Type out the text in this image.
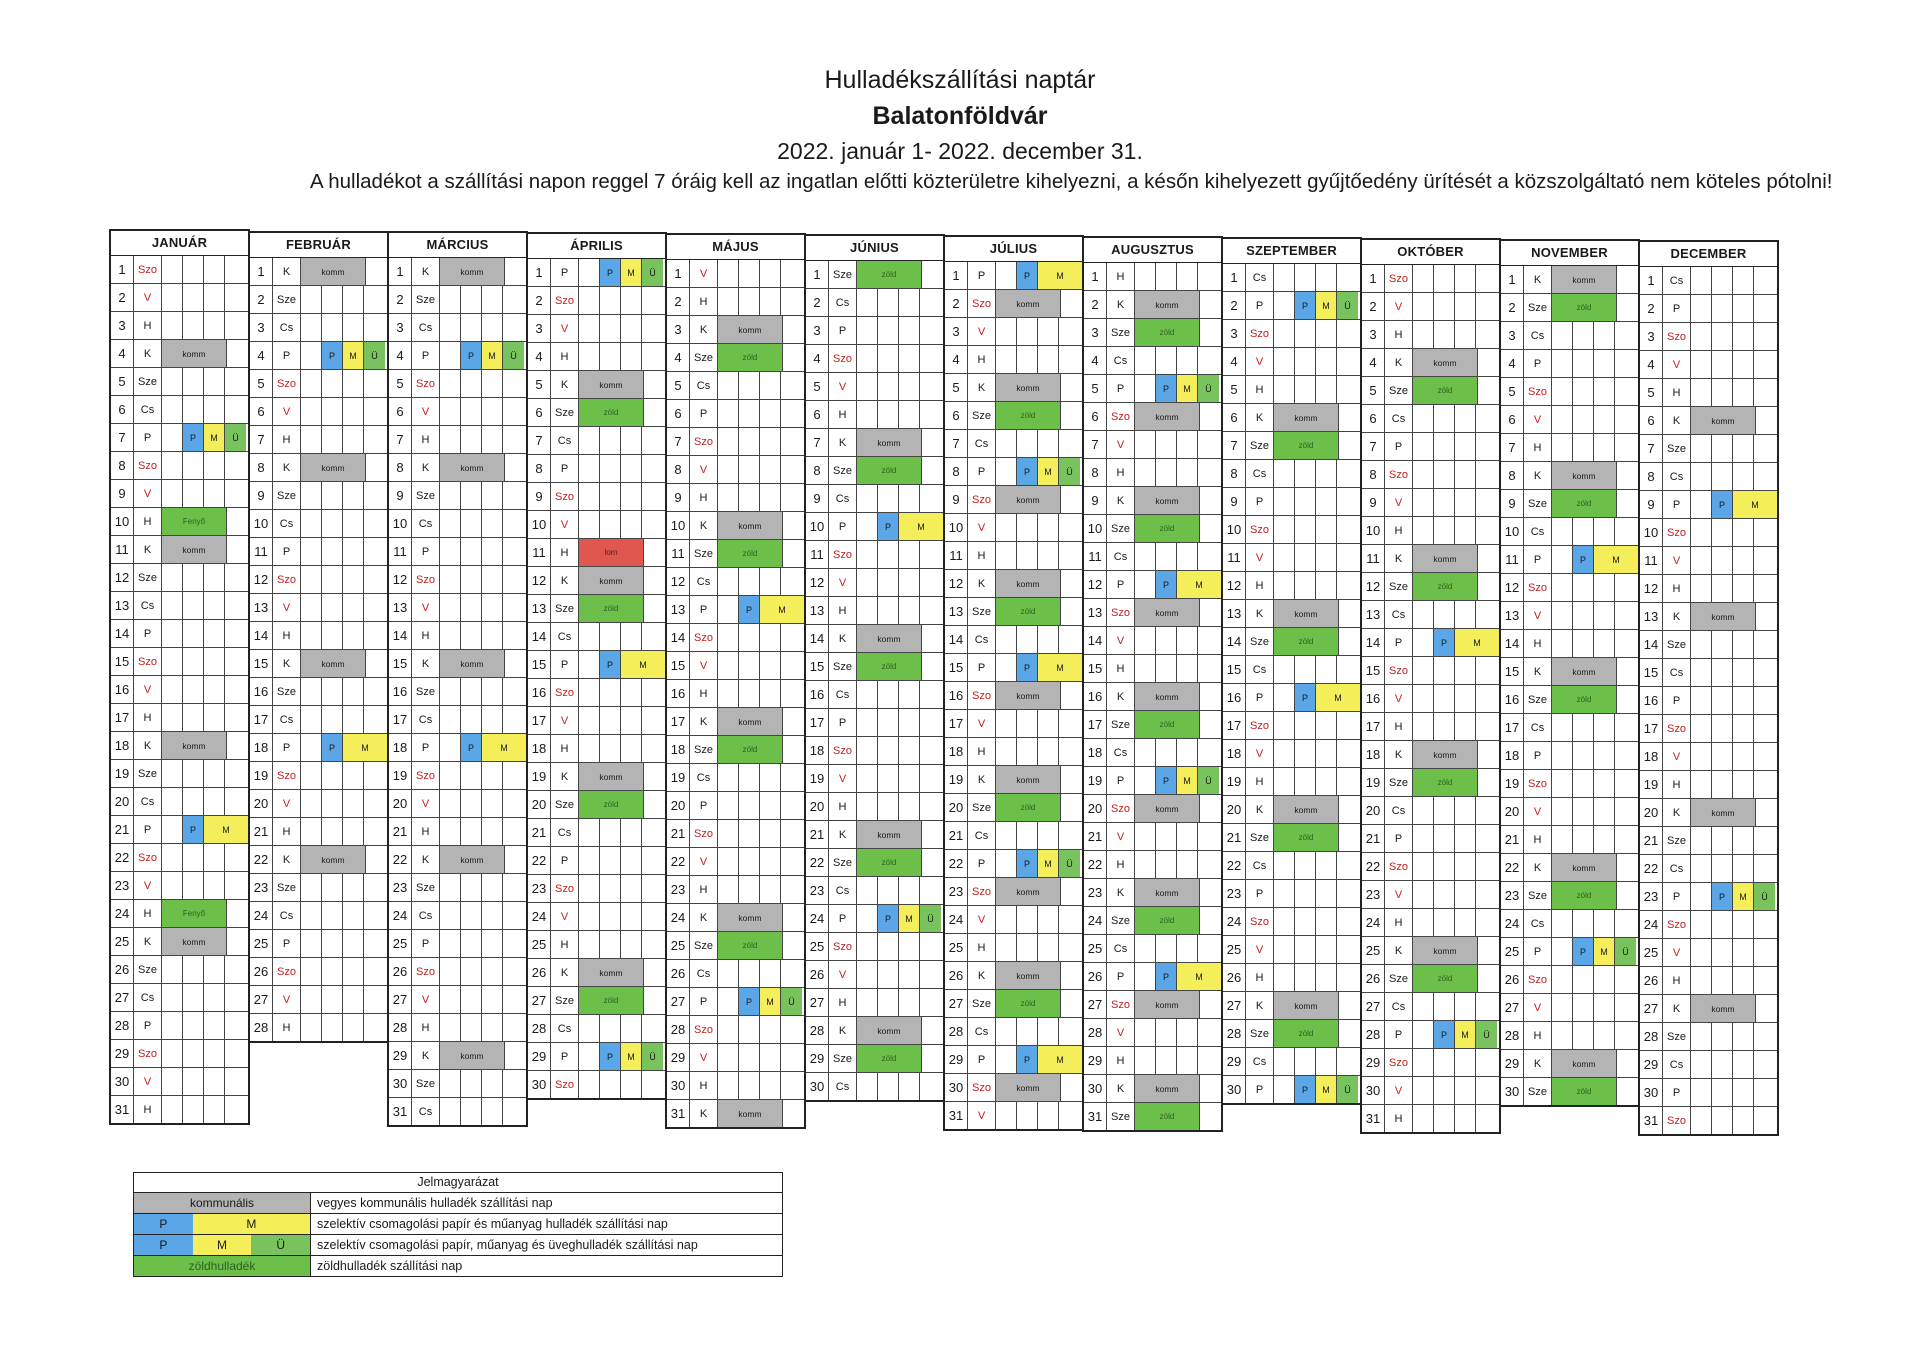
Hulladékszállítási naptár
Balatonföldvár
2022. január 1- 2022. december 31.
A hulladékot a szállítási napon reggel 7 óráig kell az ingatlan előtti közterületre kihelyezni, a későn kihelyezett gyűjtőedény ürítését a közszolgáltató nem köteles pótolni!
JANUÁR
1	Szo
2	V
3	H
4	K	komm
5	Sze
6	Cs
7	P	P	M	Ü
8	Szo
9	V
10	H	Fenyő
11	K	komm
12 Sze
13	Cs
14	P
15 Szo
16	V
17	H
18	K	komm
19 Sze
20	Cs
21	P	P	M
22 Szo
23	V
24	H	Fenyő
25	K	komm
26 Sze
27	Cs
28	P
29 Szo
30	V
31	H
FEBRUÁR
1	K	komm
2	Sze
3	Cs
4	P	P	M	Ü
5	Szo
6	V
7	H
8	K	komm
9	Sze
10	Cs
11	P
12 Szo
13	V
14	H
15	K	komm
16 Sze
17	Cs
18	P	P	M
19 Szo
20	V
21	H
22	K	komm
23 Sze
24	Cs
25	P
26 Szo
27	V
28	H
MÁRCIUS
1	K	komm
2	Sze
3	Cs
4	P	P	M	Ü
5	Szo
6	V
7	H
8	K	komm
9	Sze
10	Cs
11	P
12 Szo
13	V
14	H
15	K	komm
16 Sze
17	Cs
18	P	P	M
19 Szo
20	V
21	H
22	K	komm
23 Sze
24	Cs
25	P
26 Szo
27	V
28	H
29	K	komm
30 Sze
31	Cs
ÁPRILIS
1	P	P	M	Ü
2	Szo
3	V
4	H
5	K	komm
6	Sze	zöld
7	Cs
8	P
9	Szo
10	V
11	H	lom
12	K	komm
13 Sze	zöld
14	Cs
15	P	P	M
16 Szo
17	V
18	H
19	K	komm
20 Sze	zöld
21	Cs
22	P
23 Szo
24	V
25	H
26	K	komm
27 Sze	zöld
28	Cs
29	P	P	M	Ü
30 Szo
MÁJUS
1	V
2	H
3	K	komm
4	Sze	zöld
5	Cs
6	P
7	Szo
8	V
9	H
10	K	komm
11 Sze	zöld
12	Cs
13	P	P	M
14 Szo
15	V
16	H
17	K	komm
18 Sze	zöld
19	Cs
20	P
21 Szo
22	V
23	H
24	K	komm
25 Sze	zöld
26	Cs
27	P	P	M	Ü
28 Szo
29	V
30	H
31	K	komm
JÚNIUS
1	Sze	zöld
2	Cs
3	P
4	Szo
5	V
6	H
7	K	komm
8	Sze	zöld
9	Cs
10	P	P	M
11 Szo
12	V
13	H
14	K	komm
15 Sze	zöld
16	Cs
17	P
18 Szo
19	V
20	H
21	K	komm
22 Sze	zöld
23	Cs
24	P	P	M	Ü
25 Szo
26	V
27	H
28	K	komm
29 Sze	zöld
30	Cs
JÚLIUS
1	P	P	M
2	Szo	komm
3	V
4	H
5	K	komm
6	Sze	zöld
7	Cs
8	P	P	M	Ü
9	Szo	komm
10	V
11	H
12	K	komm
13 Sze	zöld
14	Cs
15	P	P	M
16 Szo	komm
17	V
18	H
19	K	komm
20 Sze	zöld
21	Cs
22	P	P	M	Ü
23 Szo	komm
24	V
25	H
26	K	komm
27 Sze	zöld
28	Cs
29	P	P	M
30 Szo	komm
31	V
AUGUSZTUS
1	H
2	K	komm
3	Sze	zöld
4	Cs
5	P	P	M	Ü
6	Szo	komm
7	V
8	H
9	K	komm
10 Sze	zöld
11	Cs
12	P	P	M
13 Szo	komm
14	V
15	H
16	K	komm
17 Sze	zöld
18	Cs
19	P	P	M	Ü
20 Szo	komm
21	V
22	H
23	K	komm
24 Sze	zöld
25	Cs
26	P	P	M
27 Szo	komm
28	V
29	H
30	K	komm
31 Sze	zöld
SZEPTEMBER
1	Cs
2	P	P	M	Ü
3	Szo
4	V
5	H
6	K	komm
7	Sze	zöld
8	Cs
9	P
10 Szo
11	V
12	H
13	K	komm
14 Sze	zöld
15	Cs
16	P	P	M
17 Szo
18	V
19	H
20	K	komm
21 Sze	zöld
22	Cs
23	P
24 Szo
25	V
26	H
27	K	komm
28 Sze	zöld
29	Cs
30	P	P	M	Ü
OKTÓBER
1	Szo
2	V
3	H
4	K	komm
5	Sze	zöld
6	Cs
7	P
8	Szo
9	V
10	H
11	K	komm
12 Sze	zöld
13	Cs
14	P	P	M
15 Szo
16	V
17	H
18	K	komm
19 Sze	zöld
20	Cs
21	P
22 Szo
23	V
24	H
25	K	komm
26 Sze	zöld
27	Cs
28	P	P	M	Ü
29 Szo
30	V
31	H
NOVEMBER
1	K	komm
2	Sze	zöld
3	Cs
4	P
5	Szo
6	V
7	H
8	K	komm
9	Sze	zöld
10	Cs
11	P	P	M
12 Szo
13	V
14	H
15	K	komm
16 Sze	zöld
17	Cs
18	P
19 Szo
20	V
21	H
22	K	komm
23 Sze	zöld
24	Cs
25	P	P	M	Ü
26 Szo
27	V
28	H
29	K	komm
30 Sze	zöld
DECEMBER
1	Cs
2	P
3	Szo
4	V
5	H
6	K	komm
7	Sze
8	Cs
9	P	P	M
10 Szo
11	V
12	H
13	K	komm
14 Sze
15	Cs
16	P
17 Szo
18	V
19	H
20	K	komm
21 Sze
22	Cs
23	P	P	M	Ü
24 Szo
25	V
26	H
27	K	komm
28 Sze
29	Cs
30	P
31 Szo
Jelmagyarázat
kommunális	vegyes kommunális hulladék szállítási nap
P	M	szelektív csomagolási papír és műanyag hulladék szállítási nap
P	M	Ü	szelektív csomagolási papír, műanyag és üveghulladék szállítási nap
zöldhulladék	zöldhulladék szállítási nap
